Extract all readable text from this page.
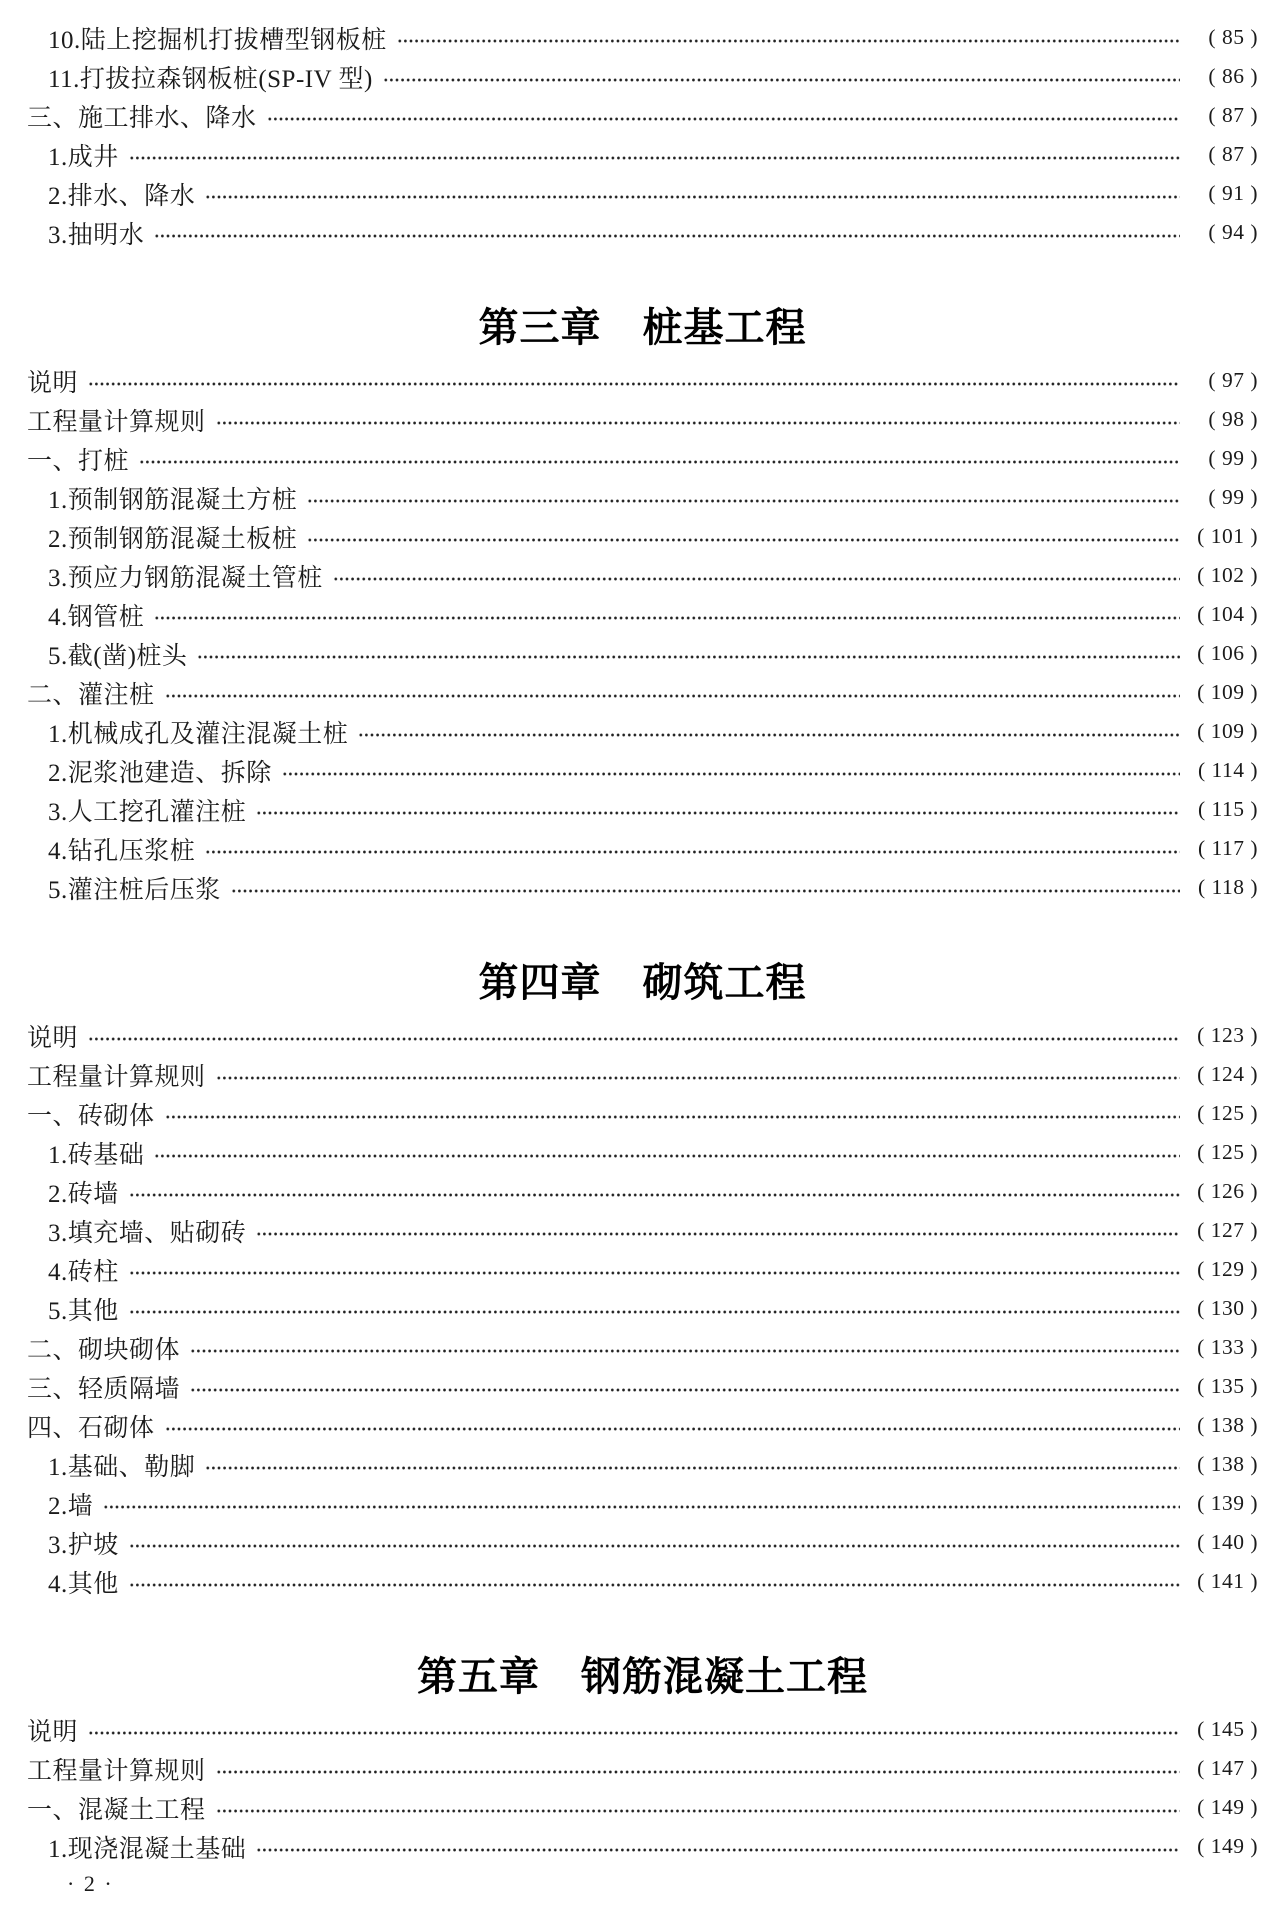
10.陆上挖掘机打拔槽型钢板桩	( 85 )
11.打拔拉森钢板桩(SP-IV 型)	( 86 )
三、施工排水、降水	( 87 )
1.成井	( 87 )
2.排水、降水	( 91 )
3.抽明水	( 94 )
第三章　桩基工程
说明	( 97 )
工程量计算规则	( 98 )
一、打桩	( 99 )
1.预制钢筋混凝土方桩	( 99 )
2.预制钢筋混凝土板桩	( 101 )
3.预应力钢筋混凝土管桩	( 102 )
4.钢管桩	( 104 )
5.截(凿)桩头	( 106 )
二、灌注桩	( 109 )
1.机械成孔及灌注混凝土桩	( 109 )
2.泥浆池建造、拆除	( 114 )
3.人工挖孔灌注桩	( 115 )
4.钻孔压浆桩	( 117 )
5.灌注桩后压浆	( 118 )
第四章　砌筑工程
说明	( 123 )
工程量计算规则	( 124 )
一、砖砌体	( 125 )
1.砖基础	( 125 )
2.砖墙	( 126 )
3.填充墙、贴砌砖	( 127 )
4.砖柱	( 129 )
5.其他	( 130 )
二、砌块砌体	( 133 )
三、轻质隔墙	( 135 )
四、石砌体	( 138 )
1.基础、勒脚	( 138 )
2.墙	( 139 )
3.护坡	( 140 )
4.其他	( 141 )
第五章　钢筋混凝土工程
说明	( 145 )
工程量计算规则	( 147 )
一、混凝土工程	( 149 )
1.现浇混凝土基础	( 149 )
· 2 ·
